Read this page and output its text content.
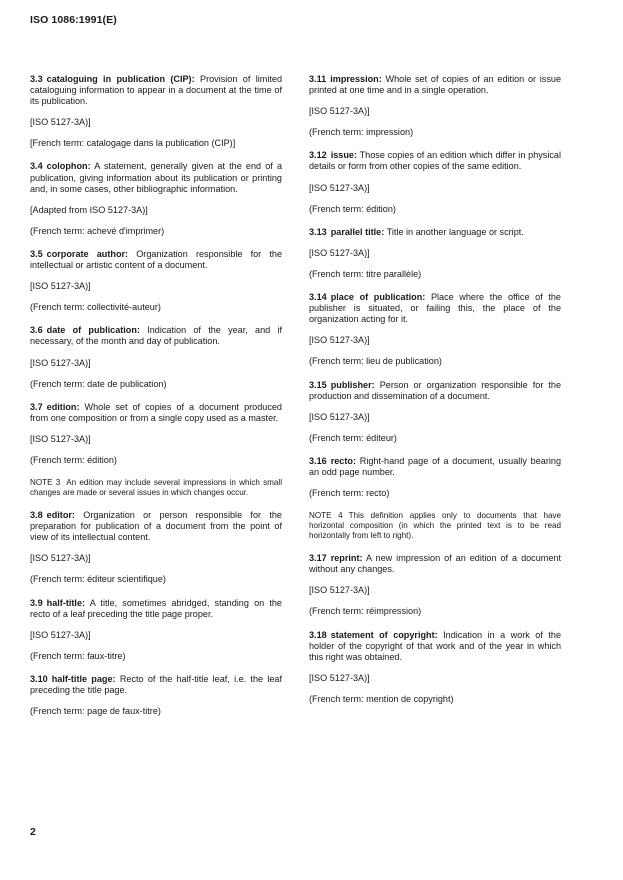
ISO 1086:1991(E)

3.3 cataloguing in publication (CIP): Provision of limited cataloguing information to appear in a document at the time of its publication.

[ISO 5127-3A)]

[French term: catalogage dans la publication (CIP)]

3.4 colophon: A statement, generally given at the end of a publication, giving information about its publication or printing and, in some cases, other bibliographic information.

[Adapted from ISO 5127-3A)]

(French term: achevé d'imprimer)

3.5 corporate author: Organization responsible for the intellectual or artistic content of a document.

[ISO 5127-3A)]

(French term: collectivité-auteur)

3.6 date of publication: Indication of the year, and if necessary, of the month and day of publication.

[ISO 5127-3A)]

(French term: date de publication)

3.7 edition: Whole set of copies of a document produced from one composition or from a single copy used as a master.

[ISO 5127-3A)]

(French term: édition)

NOTE 3 An edition may include several impressions in which small changes are made or several issues in which changes occur.

3.8 editor: Organization or person responsible for the preparation for publication of a document from the point of view of its intellectual content.

[ISO 5127-3A)]

(French term: éditeur scientifique)

3.9 half-title: A title, sometimes abridged, standing on the recto of a leaf preceding the title page proper.

[ISO 5127-3A)]

(French term: faux-titre)

3.10 half-title page: Recto of the half-title leaf, i.e. the leaf preceding the title page.

(French term: page de faux-titre)

3.11 impression: Whole set of copies of an edition or issue printed at one time and in a single operation.

[ISO 5127-3A)]

(French term: impression)

3.12 issue: Those copies of an edition which differ in physical details or form from other copies of the same edition.

[ISO 5127-3A)]

(French term: édition)

3.13 parallel title: Title in another language or script.

[ISO 5127-3A)]

(French term: titre parallèle)

3.14 place of publication: Place where the office of the publisher is situated, or failing this, the place of the organization acting for it.

[ISO 5127-3A)]

(French term: lieu de publication)

3.15 publisher: Person or organization responsible for the production and dissemination of a document.

[ISO 5127-3A)]

(French term: éditeur)

3.16 recto: Right-hand page of a document, usually bearing an odd page number.

(French term: recto)

NOTE 4 This definition applies only to documents that have horizontal composition (in which the printed text is to be read horizontally from left to right).

3.17 reprint: A new impression of an edition of a document without any changes.

[ISO 5127-3A)]

(French term: réimpression)

3.18 statement of copyright: Indication in a work of the holder of the copyright of that work and of the year in which this right was obtained.

[ISO 5127-3A)]

(French term: mention de copyright)

2
